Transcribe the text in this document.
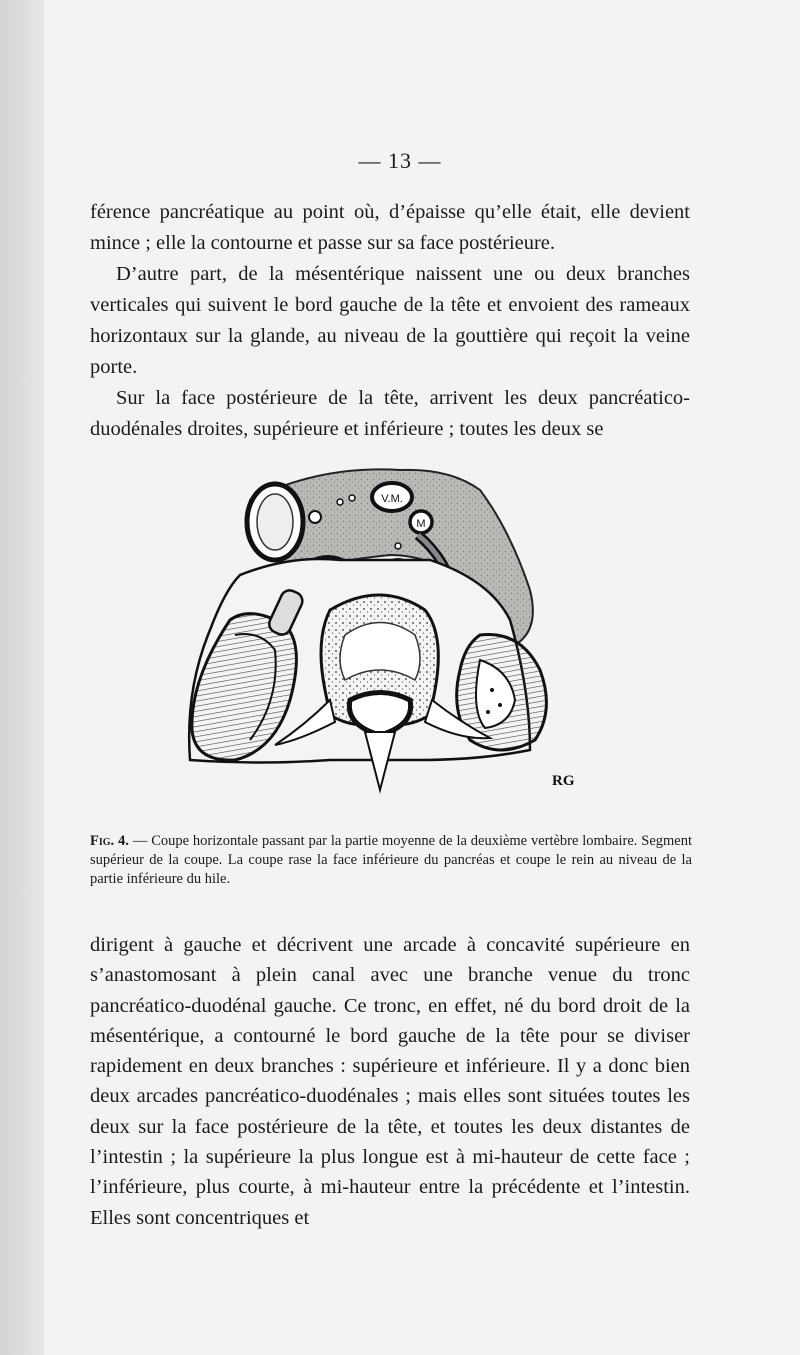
— 13 —

férence pancréatique au point où, d’épaisse qu’elle était, elle devient mince ; elle la contourne et passe sur sa face postérieure.

D’autre part, de la mésentérique naissent une ou deux branches verticales qui suivent le bord gauche de la tête et envoient des rameaux horizontaux sur la glande, au niveau de la gouttière qui reçoit la veine porte.

Sur la face postérieure de la tête, arrivent les deux pancréatico-duodénales droites, supérieure et inférieure ; toutes les deux se

V.M.
M
RG
Fig. 4. — Coupe horizontale passant par la partie moyenne de la deuxième vertèbre lombaire. Segment supérieur de la coupe. La coupe rase la face inférieure du pancréas et coupe le rein au niveau de la partie inférieure du hile.

dirigent à gauche et décrivent une arcade à concavité supérieure en s’anastomosant à plein canal avec une branche venue du tronc pancréatico-duodénal gauche. Ce tronc, en effet, né du bord droit de la mésentérique, a contourné le bord gauche de la tête pour se diviser rapidement en deux branches : supérieure et inférieure. Il y a donc bien deux arcades pancréatico-duodénales ; mais elles sont situées toutes les deux sur la face postérieure de la tête, et toutes les deux distantes de l’intestin ; la supérieure la plus longue est à mi-hauteur de cette face ; l’inférieure, plus courte, à mi-hauteur entre la précédente et l’intestin. Elles sont concentriques et
